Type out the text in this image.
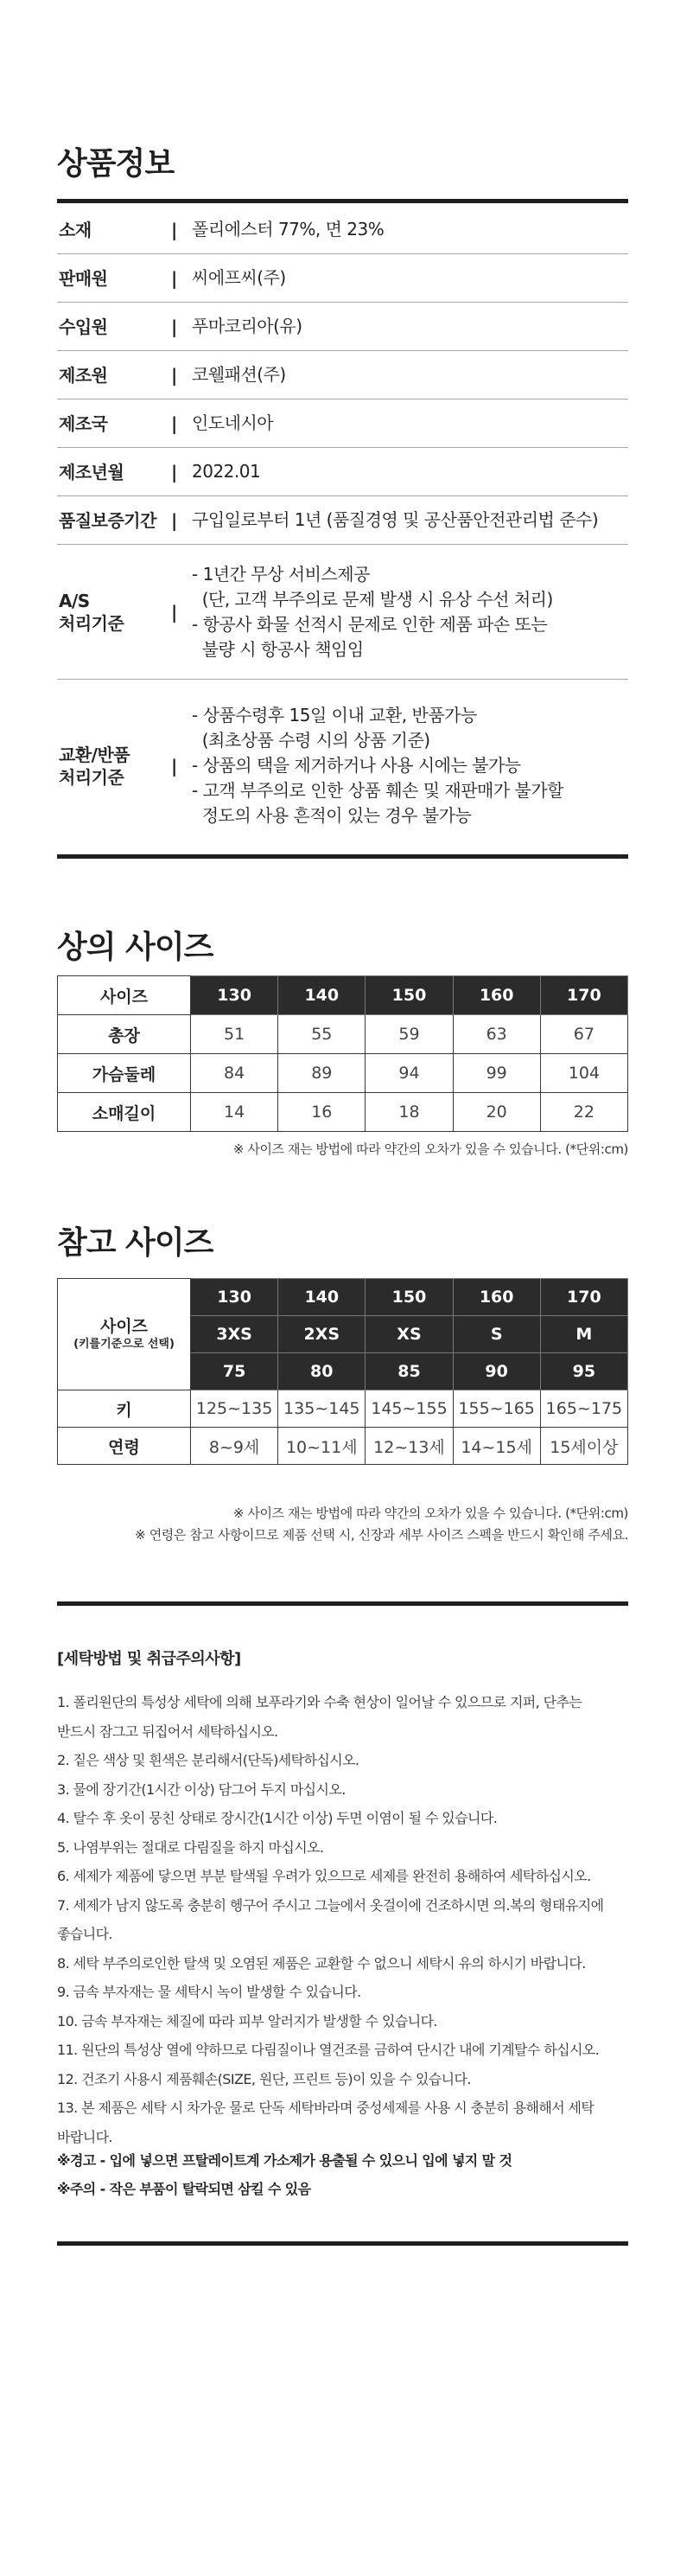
상품정보
소재	| 폴리에스터 77%, 면 23%
판매원	| 씨에프씨(주)
수입원	| 푸마코리아(유)
제조원	| 코웰패션(주)
제조국	| 인도네시아
제조년월	| 2022.01
품질보증기간 | 구입일로부터 1년 (품질경영 및 공산품안전관리법 준수)
A/S
처리기준
|
- 1년간 무상 서비스제공
(단, 고객 부주의로 문제 발생 시 유상 수선 처리)
- 항공사 화물 선적시 문제로 인한 제품 파손 또는
불량 시 항공사 책임임
교환/반품
처리기준
|
- 상품수령후 15일 이내 교환, 반품가능
(최초상품 수령 시의 상품 기준)
- 상품의 택을 제거하거나 사용 시에는 불가능
- 고객 부주의로 인한 상품 훼손 및 재판매가 불가할
정도의 사용 흔적이 있는 경우 불가능
상의 사이즈
사이즈	130	140	150	160	170
총장	51	55	59	63	67
가슴둘레	84	89	94	99	104
소매길이	14	16	18	20	22
※ 사이즈 재는 방법에 따라 약간의 오차가 있을 수 있습니다. (*단위:cm)
참고 사이즈
사이즈
(키를기준으로 선택)	130	140	150	160	170
	3XS	2XS	XS	S	M
	75	80	85	90	95
키	125~135	135~145	145~155	155~165	165~175
연령	8~9세	10~11세	12~13세	14~15세	15세이상
※ 사이즈 재는 방법에 따라 약간의 오차가 있을 수 있습니다. (*단위:cm)
※ 연령은 참고 사항이므로 제품 선택 시, 신장과 세부 사이즈 스펙을 반드시 확인해 주세요.
[세탁방법 및 취급주의사항]
1. 폴리원단의 특성상 세탁에 의해 보푸라기와 수축 현상이 일어날 수 있으므로 지퍼, 단추는
반드시 잠그고 뒤집어서 세탁하십시오.
2. 짙은 색상 및 흰색은 분리해서(단독)세탁하십시오.
3. 물에 장기간(1시간 이상) 담그어 두지 마십시오.
4. 탈수 후 옷이 뭉친 상태로 장시간(1시간 이상) 두면 이염이 될 수 있습니다.
5. 나염부위는 절대로 다림질을 하지 마십시오.
6. 세제가 제품에 닿으면 부분 탈색될 우려가 있으므로 세제를 완전히 용해하여 세탁하십시오.
7. 세제가 남지 않도록 충분히 헹구어 주시고 그늘에서 옷걸이에 건조하시면 의.복의 형태유지에
좋습니다.
8. 세탁 부주의로인한 탈색 및 오염된 제품은 교환할 수 없으니 세탁시 유의 하시기 바랍니다.
9. 금속 부자재는 물 세탁시 녹이 발생할 수 있습니다.
10. 금속 부자재는 체질에 따라 피부 알러지가 발생할 수 있습니다.
11. 원단의 특성상 열에 약하므로 다림질이나 열건조를 금하여 단시간 내에 기계탈수 하십시오.
12. 건조기 사용시 제품훼손(SIZE, 원단, 프린트 등)이 있을 수 있습니다.
13. 본 제품은 세탁 시 차가운 물로 단독 세탁바라며 중성세제를 사용 시 충분히 용해해서 세탁
바랍니다.
※경고 - 입에 넣으면 프탈레이트계 가소제가 용출될 수 있으니 입에 넣지 말 것
※주의 - 작은 부품이 탈락되면 삼킬 수 있음
